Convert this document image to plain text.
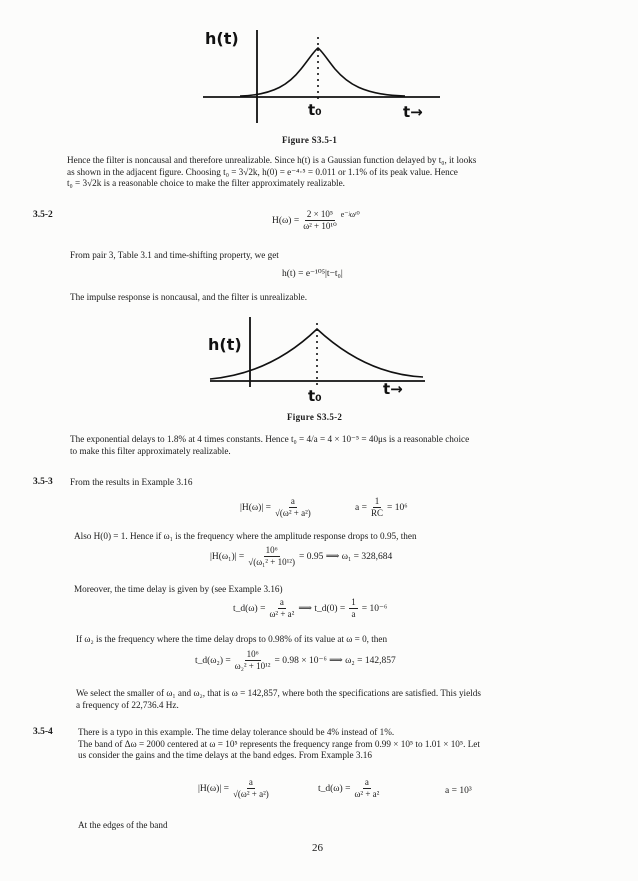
h(t)
t₀	t→
Figure S3.5-1
Hence the filter is noncausal and therefore unrealizable. Since h(t) is a Gaussian function delayed by t₀, it looks
as shown in the adjacent figure. Choosing t₀ = 3√2k, h(0) = e⁻⁴·⁵ = 0.011 or 1.1% of its peak value. Hence
t₀ = 3√2k is a reasonable choice to make the filter approximately realizable.
3.5-2
$H(\omega) = \frac{\text{2 × 10⁵}}{\text{ω² + 10¹⁰}}$ e⁻ʲωᵗ⁰
From pair 3, Table 3.1 and time-shifting property, we get
h(t) = e⁻¹⁰⁵|t−t₀|
The impulse response is noncausal, and the filter is unrealizable.
h(t)
t₀	t→
Figure S3.5-2
The exponential delays to 1.8% at 4 times constants. Hence t₀ = 4/a = 4 × 10⁻⁵ = 40μs is a reasonable choice
to make this filter approximately realizable.
3.5-3 From the results in Example 3.16
$|H(\omega)| = \frac{a}{\text{√(ω² + a²)}}$	$a = \frac{1}{RC} = 10^6$
Also H(0) = 1. Hence if ω₁ is the frequency where the amplitude response drops to 0.95, then
$|H(\omega_1)| = \frac{\text{10⁶}}{\text{√(ω₁² + 10¹²)}} = 0.95$ ⟹ ω₁ = 328,684
Moreover, the time delay is given by (see Example 3.16)
t_d(ω) = $\frac{a}{\text{ω² + a²}}$ ⟹ t_d(0) = $\frac{1}{a} = 10^{-6}$
If ω₂ is the frequency where the time delay drops to 0.98% of its value at ω = 0, then
t_d(ω₂) = $\frac{\text{10⁶}}{\text{ω₂² + 10¹²}} = 0.98 \times 10^{-6}$ ⟹ ω₂ = 142,857
We select the smaller of ω₁ and ω₂, that is ω = 142,857, where both the specifications are satisfied. This yields
a frequency of 22,736.4 Hz.
3.5-4	There is a typo in this example. The time delay tolerance should be 4% instead of 1%.
The band of Δω = 2000 centered at ω = 10⁵ represents the frequency range from 0.99 × 10⁵ to 1.01 × 10⁵. Let
us consider the gains and the time delays at the band edges. From Example 3.16
$|H(\omega)| = \frac{a}{\text{√(ω² + a²)}}$	t_d(ω) = $\frac{a}{\text{ω² + a²}}$	a = 10³
At the edges of the band
26
